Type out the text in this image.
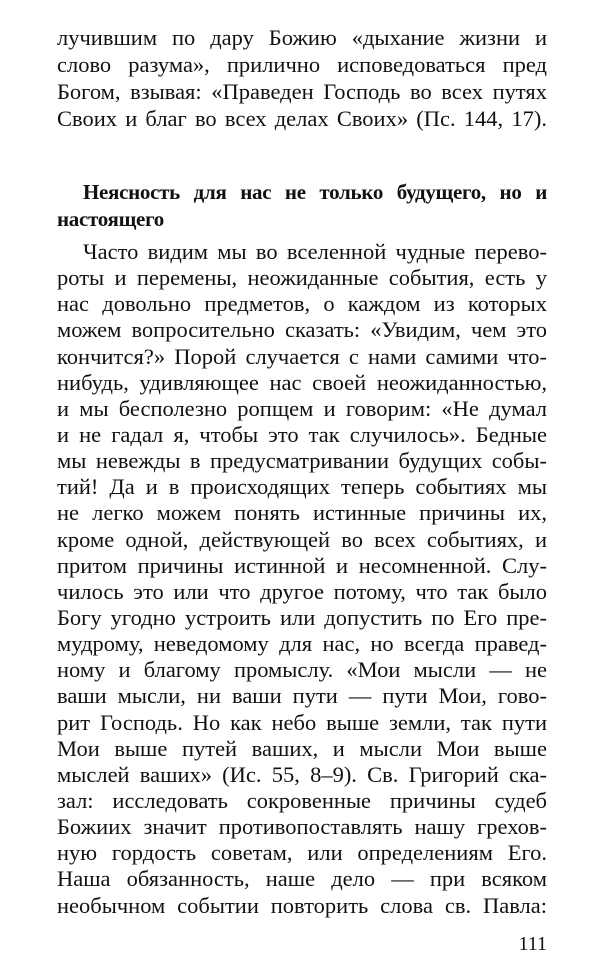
лучившим по дару Божию «дыхание жизни и
слово разума», прилично исповедоваться пред
Богом, взывая: «Праведен Господь во всех путях
Своих и благ во всех делах Своих» (Пс. 144, 17).
Неясность для нас не только будущего, но и
настоящего
Часто видим мы во вселенной чудные перево-
роты и перемены, неожиданные события, есть у
нас довольно предметов, о каждом из которых
можем вопросительно сказать: «Увидим, чем это
кончится?» Порой случается с нами самими что-
нибудь, удивляющее нас своей неожиданностью,
и мы бесполезно ропщем и говорим: «Не думал
и не гадал я, чтобы это так случилось». Бедные
мы невежды в предусматривании будущих собы-
тий! Да и в происходящих теперь событиях мы
не легко можем понять истинные причины их,
кроме одной, действующей во всех событиях, и
притом причины истинной и несомненной. Слу-
чилось это или что другое потому, что так было
Богу угодно устроить или допустить по Его пре-
мудрому, неведомому для нас, но всегда правед-
ному и благому промыслу. «Мои мысли — не
ваши мысли, ни ваши пути — пути Мои, гово-
рит Господь. Но как небо выше земли, так пути
Мои выше путей ваших, и мысли Мои выше
мыслей ваших» (Ис. 55, 8–9). Св. Григорий ска-
зал: исследовать сокровенные причины судеб
Божиих значит противопоставлять нашу грехов-
ную гордость советам, или определениям Его.
Наша обязанность, наше дело — при всяком
необычном событии повторить слова св. Павла:
111
